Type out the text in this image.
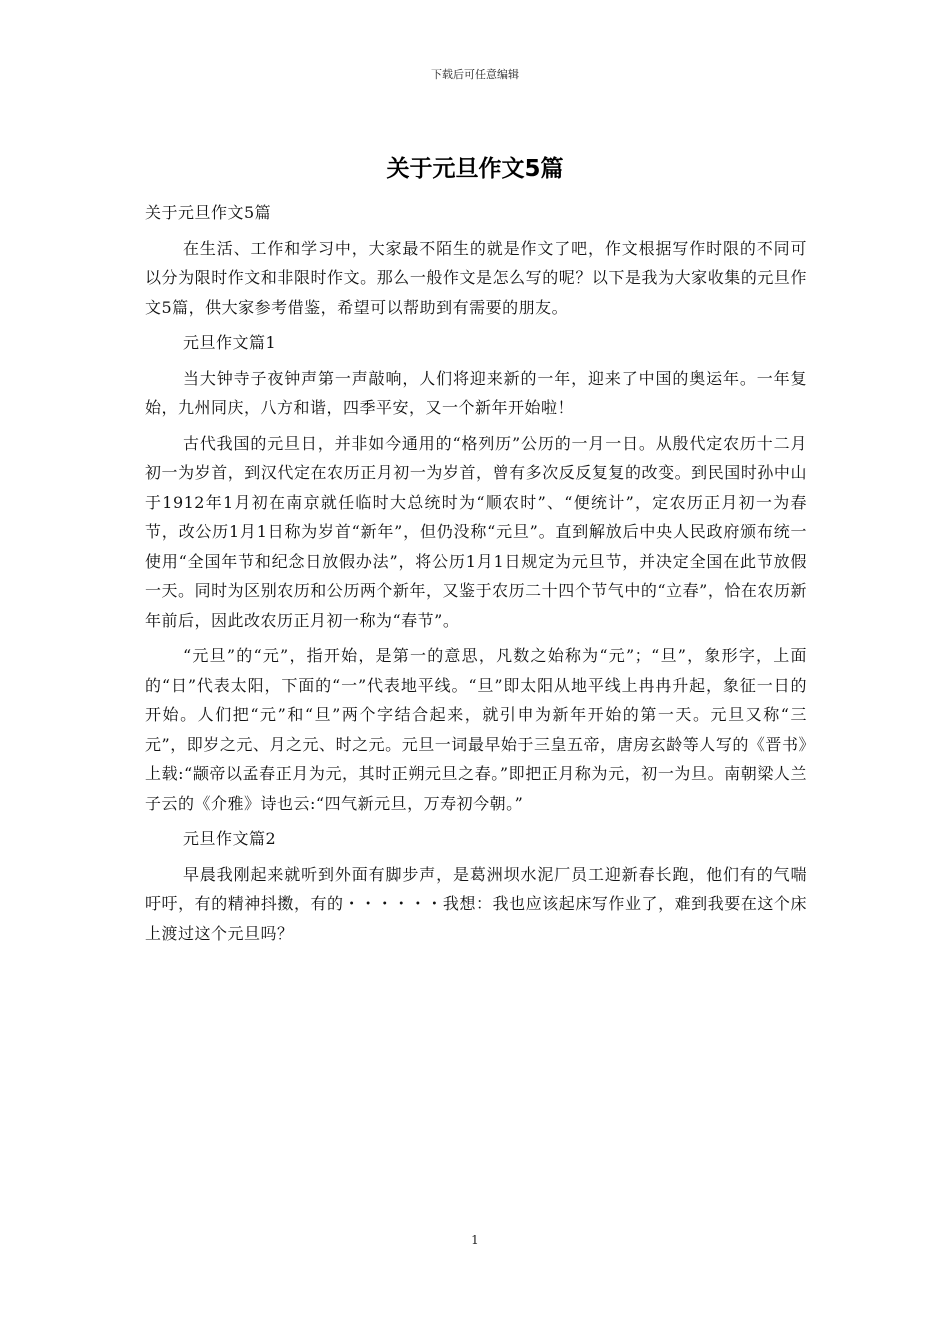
下载后可任意编辑
关于元旦作文5篇

关于元旦作文5篇

在生活、工作和学习中，大家最不陌生的就是作文了吧，作文根据写作时限的不同可以分为限时作文和非限时作文。那么一般作文是怎么写的呢？以下是我为大家收集的元旦作文5篇，供大家参考借鉴，希望可以帮助到有需要的朋友。

元旦作文篇1

当大钟寺子夜钟声第一声敲响，人们将迎来新的一年，迎来了中国的奥运年。一年复始，九州同庆，八方和谐，四季平安，又一个新年开始啦！

古代我国的元旦日，并非如今通用的“格列历”公历的一月一日。从殷代定农历十二月初一为岁首，到汉代定在农历正月初一为岁首，曾有多次反反复复的改变。到民国时孙中山于1912年1月初在南京就任临时大总统时为“顺农时”、“便统计”，定农历正月初一为春节，改公历1月1日称为岁首“新年”，但仍没称“元旦”。直到解放后中央人民政府颁布统一使用“全国年节和纪念日放假办法”，将公历1月1日规定为元旦节，并决定全国在此节放假一天。同时为区别农历和公历两个新年，又鉴于农历二十四个节气中的“立春”，恰在农历新年前后，因此改农历正月初一称为“春节”。

“元旦”的“元”，指开始，是第一的意思，凡数之始称为“元”；“旦”，象形字，上面的“日”代表太阳，下面的“一”代表地平线。“旦”即太阳从地平线上冉冉升起，象征一日的开始。人们把“元”和“旦”两个字结合起来，就引申为新年开始的第一天。元旦又称“三元”，即岁之元、月之元、时之元。元旦一词最早始于三皇五帝，唐房玄龄等人写的《晋书》上载:“颛帝以孟春正月为元，其时正朔元旦之春。”即把正月称为元，初一为旦。南朝梁人兰子云的《介雅》诗也云:“四气新元旦，万寿初今朝。”

元旦作文篇2

早晨我刚起来就听到外面有脚步声，是葛洲坝水泥厂员工迎新春长跑，他们有的气喘吁吁，有的精神抖擞，有的・・・・・・我想：我也应该起床写作业了，难到我要在这个床上渡过这个元旦吗？

1
